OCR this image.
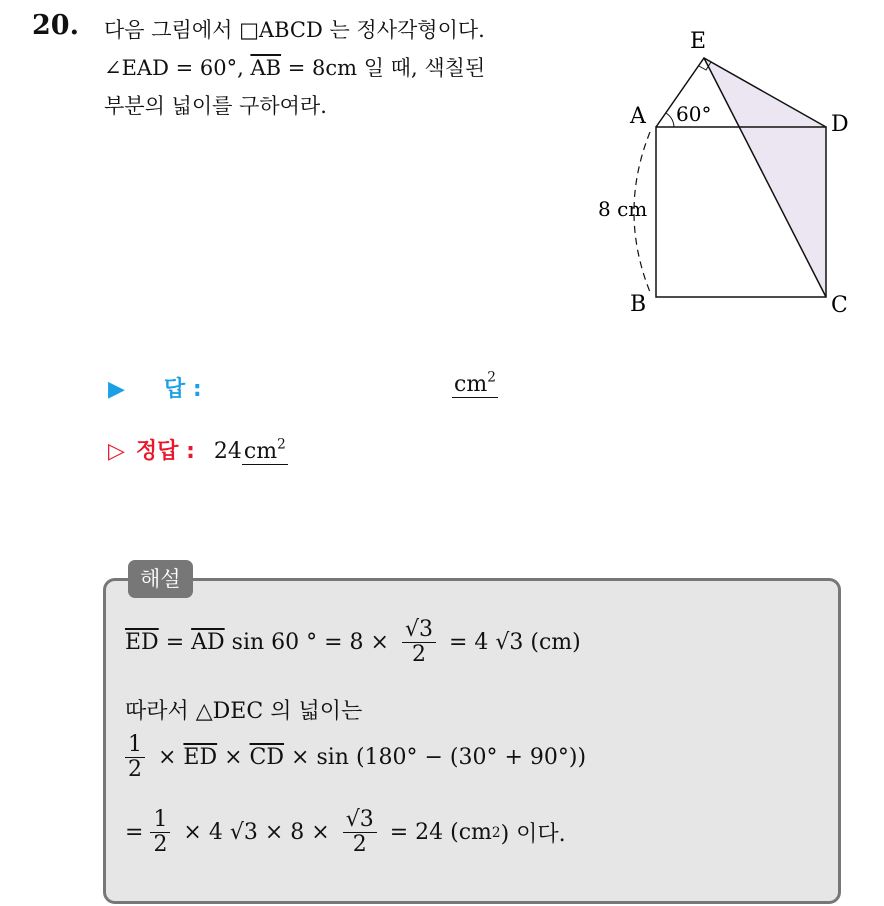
20. 다음 그림에서 □ABCD 는 정사각형이다.
∠EAD = 60°, $\overline{AB} = 8cm$ 일 때, 색칠된
부분의 넓이를 구하여라.
E
A	D
B	C
60°
8 cm
▶ 답 :	$cm^2$
▷ 정답 : $24cm^2$
해설
$\overline{ED} = \overline{AD}$ sin 60 ° = $8 \times \frac{√3}{2} = 4$ √3 (cm)
따라서 △DEC 의 넓이는
$\frac{1}{2} \times \overline{ED} \times \overline{CD} \times \sin (180^\circ - (30^\circ + 90^\circ))$
= $\frac{1}{2} \times 4$ $√3 \times 8 \times \frac{√3}{2} = 24$ (cm 2 ) 이다.
